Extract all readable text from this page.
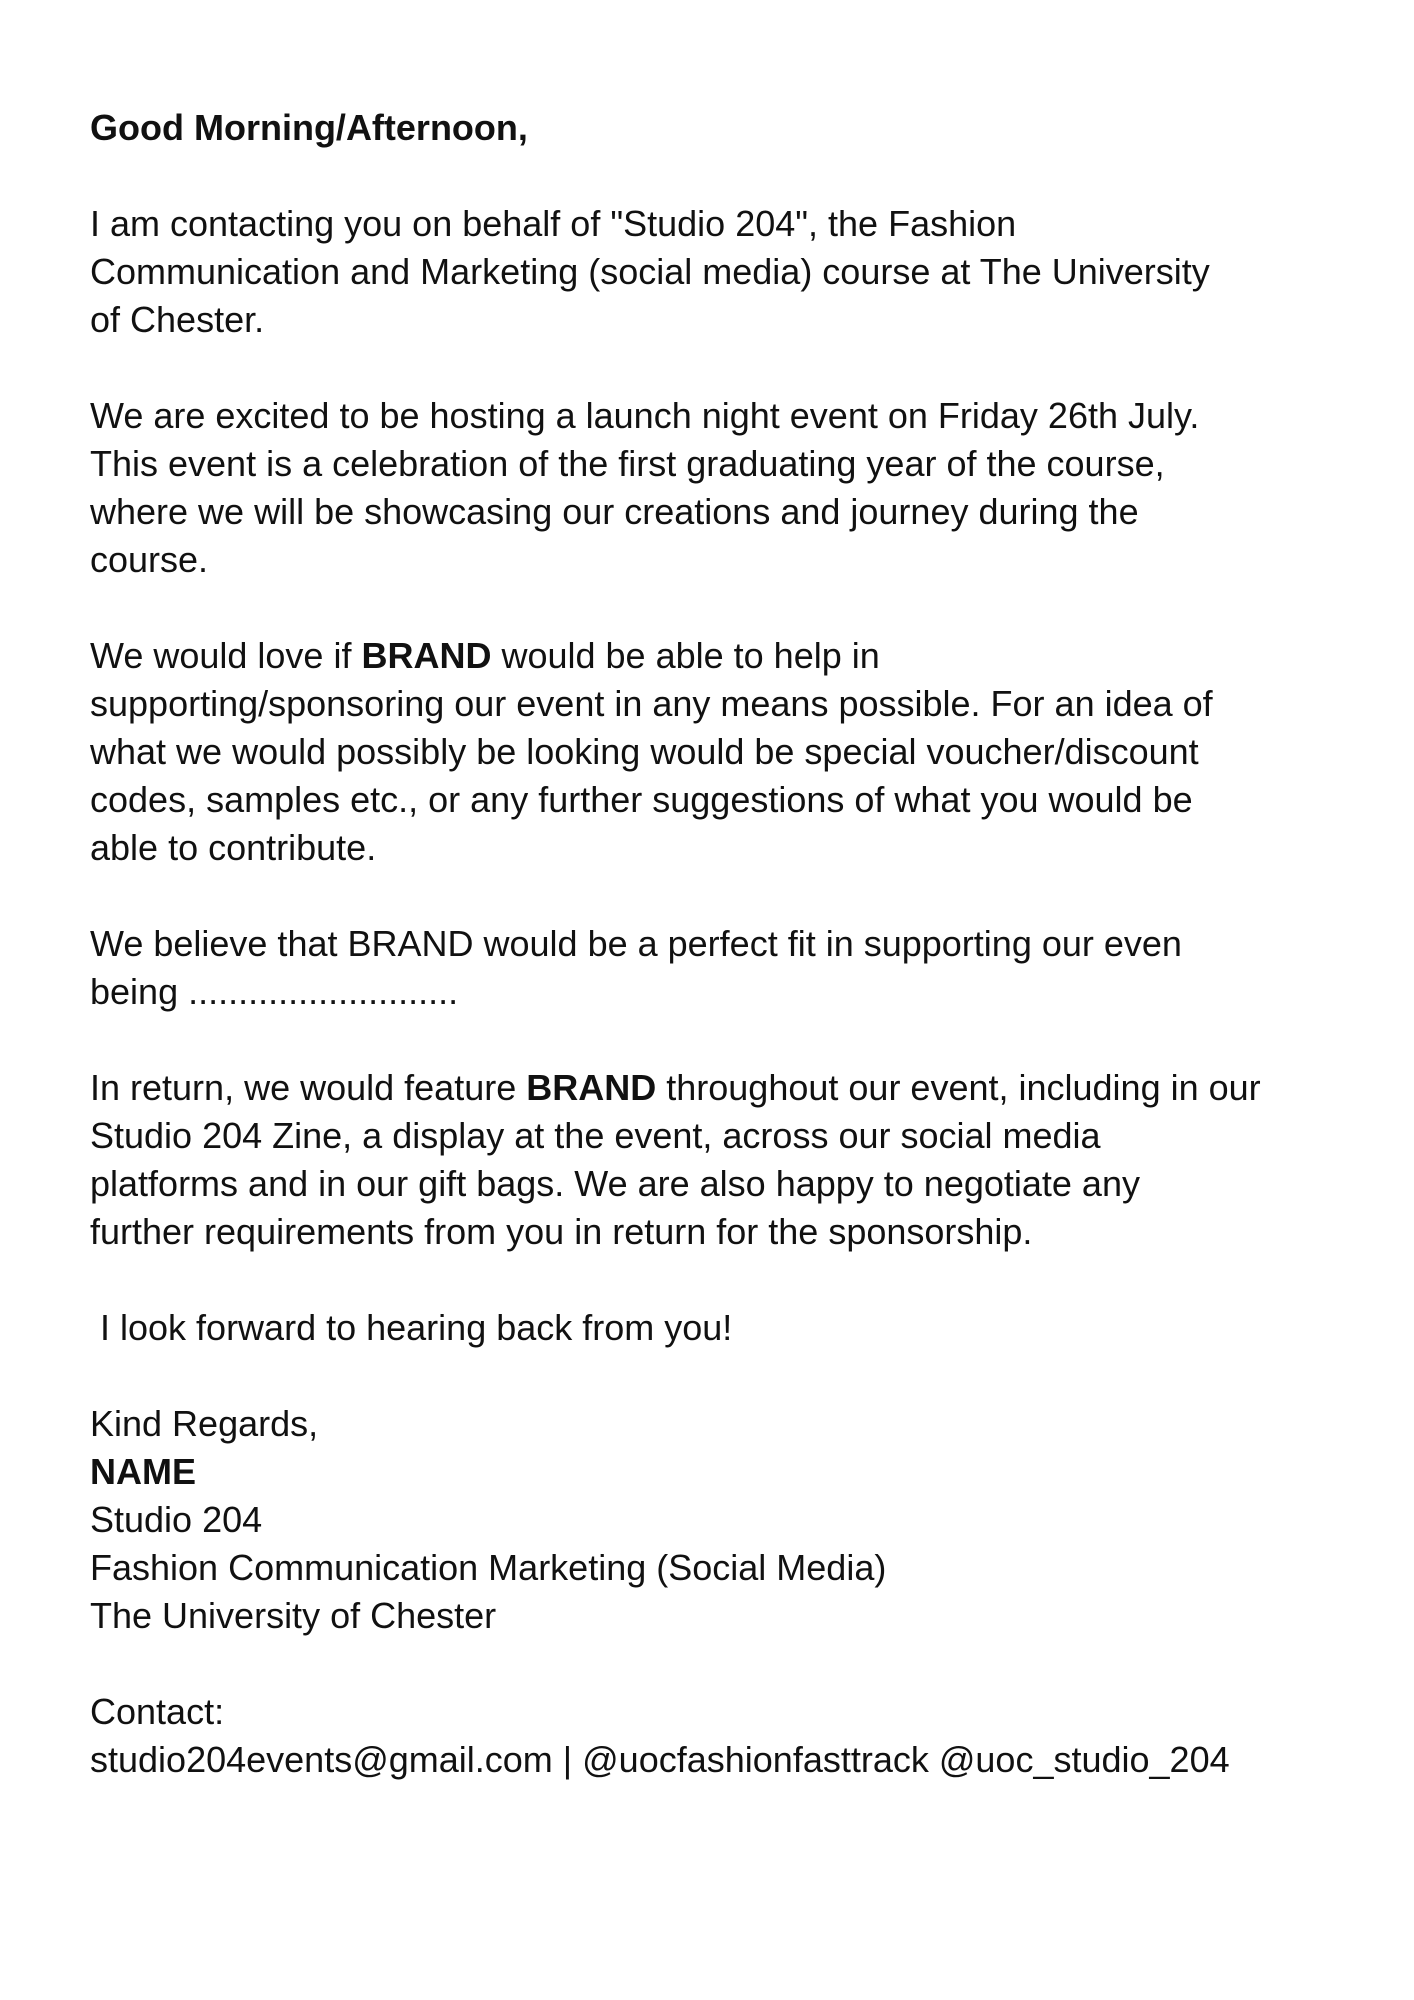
Good Morning/Afternoon,
I am contacting you on behalf of "Studio 204", the Fashion
Communication and Marketing (social media) course at The University
of Chester.
We are excited to be hosting a launch night event on Friday 26th July.
This event is a celebration of the first graduating year of the course,
where we will be showcasing our creations and journey during the
course.
We would love if BRAND would be able to help in
supporting/sponsoring our event in any means possible. For an idea of
what we would possibly be looking would be special voucher/discount
codes, samples etc., or any further suggestions of what you would be
able to contribute.
We believe that BRAND would be a perfect fit in supporting our even
being ...........................
In return, we would feature BRAND throughout our event, including in our
Studio 204 Zine, a display at the event, across our social media
platforms and in our gift bags. We are also happy to negotiate any
further requirements from you in return for the sponsorship.
I look forward to hearing back from you!
Kind Regards,
NAME
Studio 204
Fashion Communication Marketing (Social Media)
The University of Chester
Contact:
studio204events@gmail.com | @uocfashionfasttrack @uoc_studio_204
